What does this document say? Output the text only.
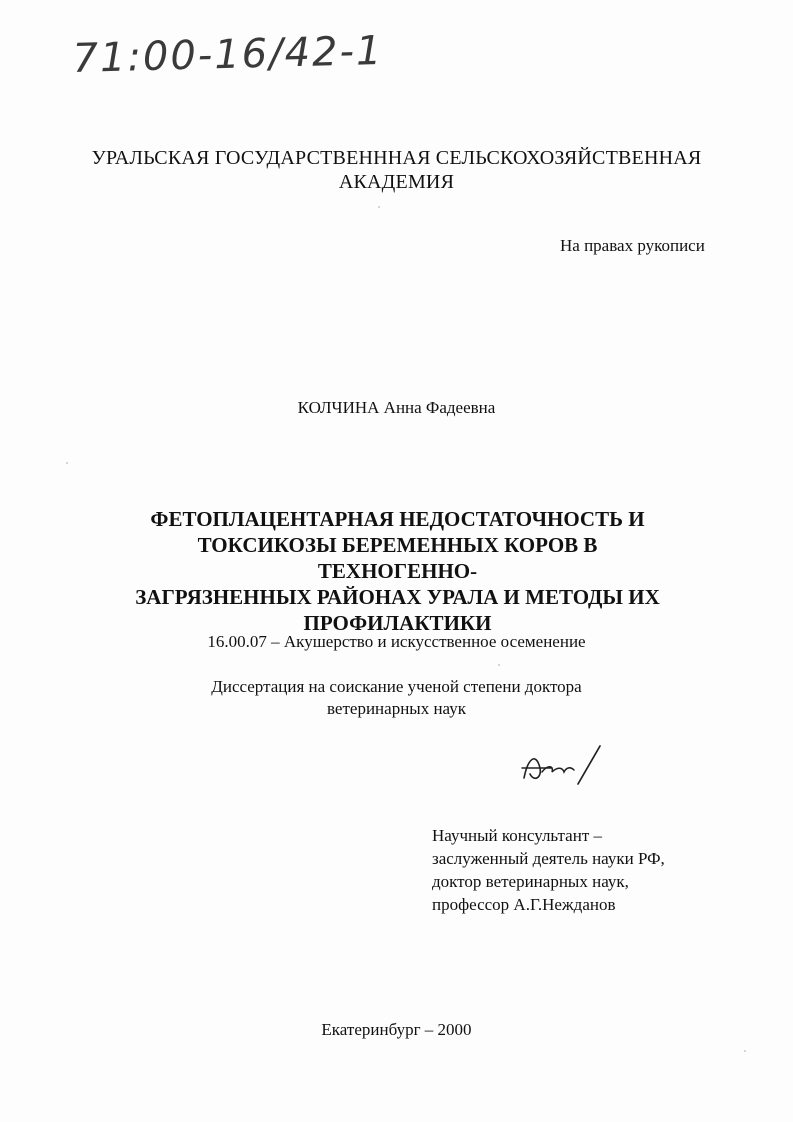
71:00-16/42-1
УРАЛЬСКАЯ ГОСУДАРСТВЕНННАЯ СЕЛЬСКОХОЗЯЙСТВЕННАЯ
АКАДЕМИЯ
На правах рукописи
КОЛЧИНА Анна Фадеевна
ФЕТОПЛАЦЕНТАРНАЯ НЕДОСТАТОЧНОСТЬ И
ТОКСИКОЗЫ БЕРЕМЕННЫХ КОРОВ В ТЕХНОГЕННО-
ЗАГРЯЗНЕННЫХ РАЙОНАХ УРАЛА И МЕТОДЫ ИХ
ПРОФИЛАКТИКИ
16.00.07 – Акушерство и искусственное осеменение
Диссертация на соискание ученой степени доктора
ветеринарных наук
Научный консультант –
заслуженный деятель науки РФ,
доктор ветеринарных наук,
профессор А.Г.Нежданов
Екатеринбург – 2000
